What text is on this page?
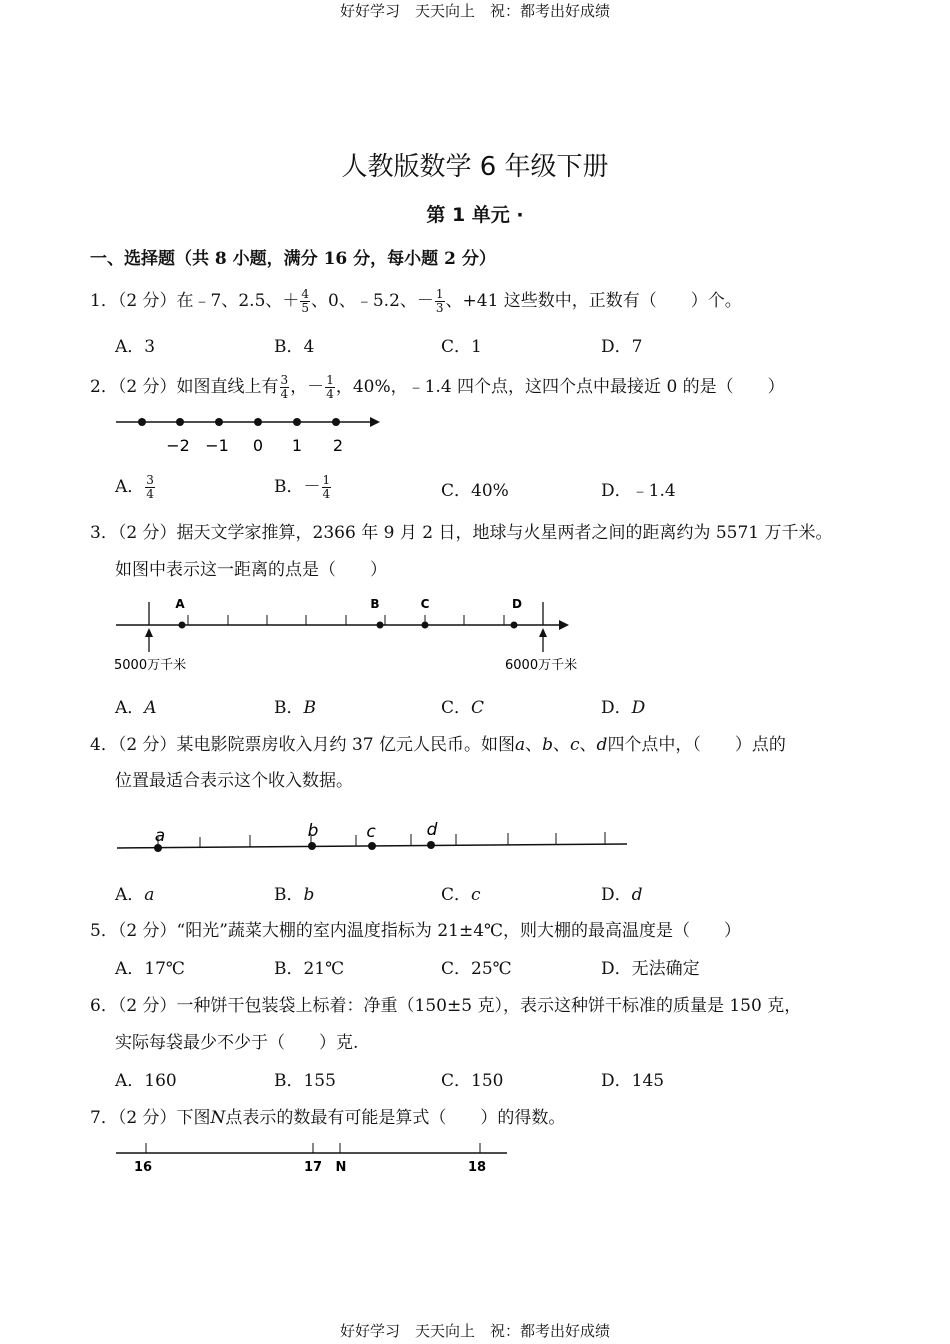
好好学习　天天向上　祝：都考出好成绩
人教版数学 6 年级下册
第 1 单元 ·
一、选择题（共 8 小题，满分 16 分，每小题 2 分）
1．（2 分）在﹣7、2.5、＋ $\frac{4}{5}$ 、0、﹣5.2、－ $\frac{1}{3}$ 、+41 这些数中，正数有（　　）个。
A．3	B．4	C．1	D．7
2．（2 分）如图直线上有 $\frac{3}{4}$ ，－ $\frac{1}{4}$ ，40%，﹣1.4 四个点，这四个点中最接近 0 的是（　　）
−2 −1 0 1 2
A． $\frac{3}{4}$	B．－ $\frac{1}{4}$	C．40%	D．﹣1.4
3．（2 分）据天文学家推算，2366 年 9 月 2 日，地球与火星两者之间的距离约为 5571 万千米。
如图中表示这一距离的点是（　　）
A	B	C	D
5000万千米	6000万千米
A．A	B．B	C．C	D．D
4．（2 分）某电影院票房收入月约 37 亿元人民币。如图a、b、c、d四个点中，（　　）点的
位置最适合表示这个收入数据。
a	b	c	d
A．a	B．b	C．c	D．d
5．（2 分）“阳光”蔬菜大棚的室内温度指标为 21±4℃，则大棚的最高温度是（　　）
A．17℃	B．21℃	C．25℃	D．无法确定
6．（2 分）一种饼干包装袋上标着：净重（150±5 克），表示这种饼干标准的质量是 150 克，
实际每袋最少不少于（　　）克.
A．160	B．155	C．150	D．145
7．（2 分）下图N点表示的数最有可能是算式（　　）的得数。
16	17 N	18
好好学习　天天向上　祝：都考出好成绩
